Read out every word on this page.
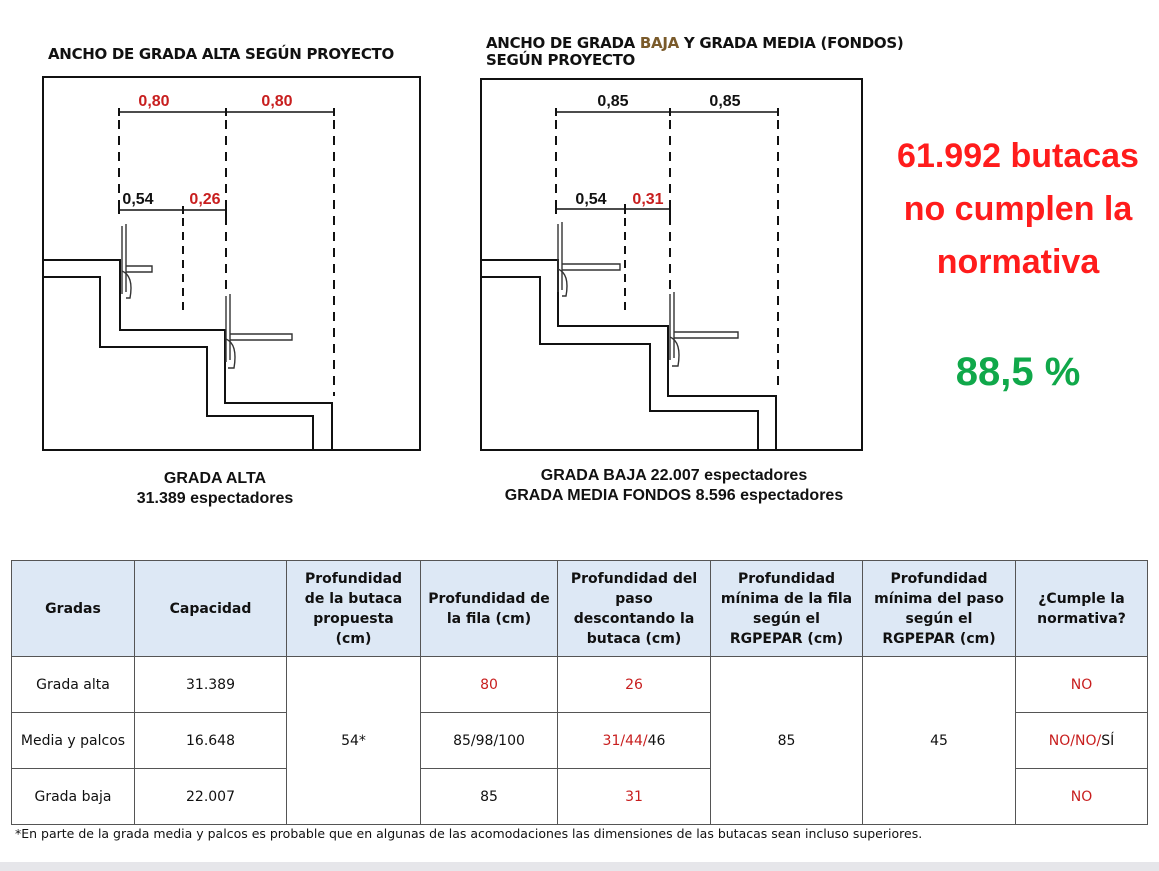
ANCHO DE GRADA ALTA SEGÚN PROYECTO
0,80	0,80
0,54 0,26
GRADA ALTA
31.389 espectadores
ANCHO DE GRADA BAJA Y GRADA MEDIA (FONDOS)
SEGÚN PROYECTO
0,85	0,85
0,54 0,31
GRADA BAJA 22.007 espectadores
GRADA MEDIA FONDOS 8.596 espectadores
61.992 butacas
no cumplen la
normativa
88,5 %
Gradas	Capacidad	Profundidad de la butaca propuesta (cm)	Profundidad de la fila (cm)	Profundidad del paso descontando la butaca (cm)	Profundidad mínima de la fila según el RGPEPAR (cm)	Profundidad mínima del paso según el RGPEPAR (cm)	¿Cumple la normativa?
Grada alta	31.389	54*	80	26	85	45	NO
Media y palcos	16.648		85/98/100	31/44/46			NO/NO/SÍ
Grada baja	22.007		85	31			NO
*En parte de la grada media y palcos es probable que en algunas de las acomodaciones las dimensiones de las butacas sean incluso superiores.
